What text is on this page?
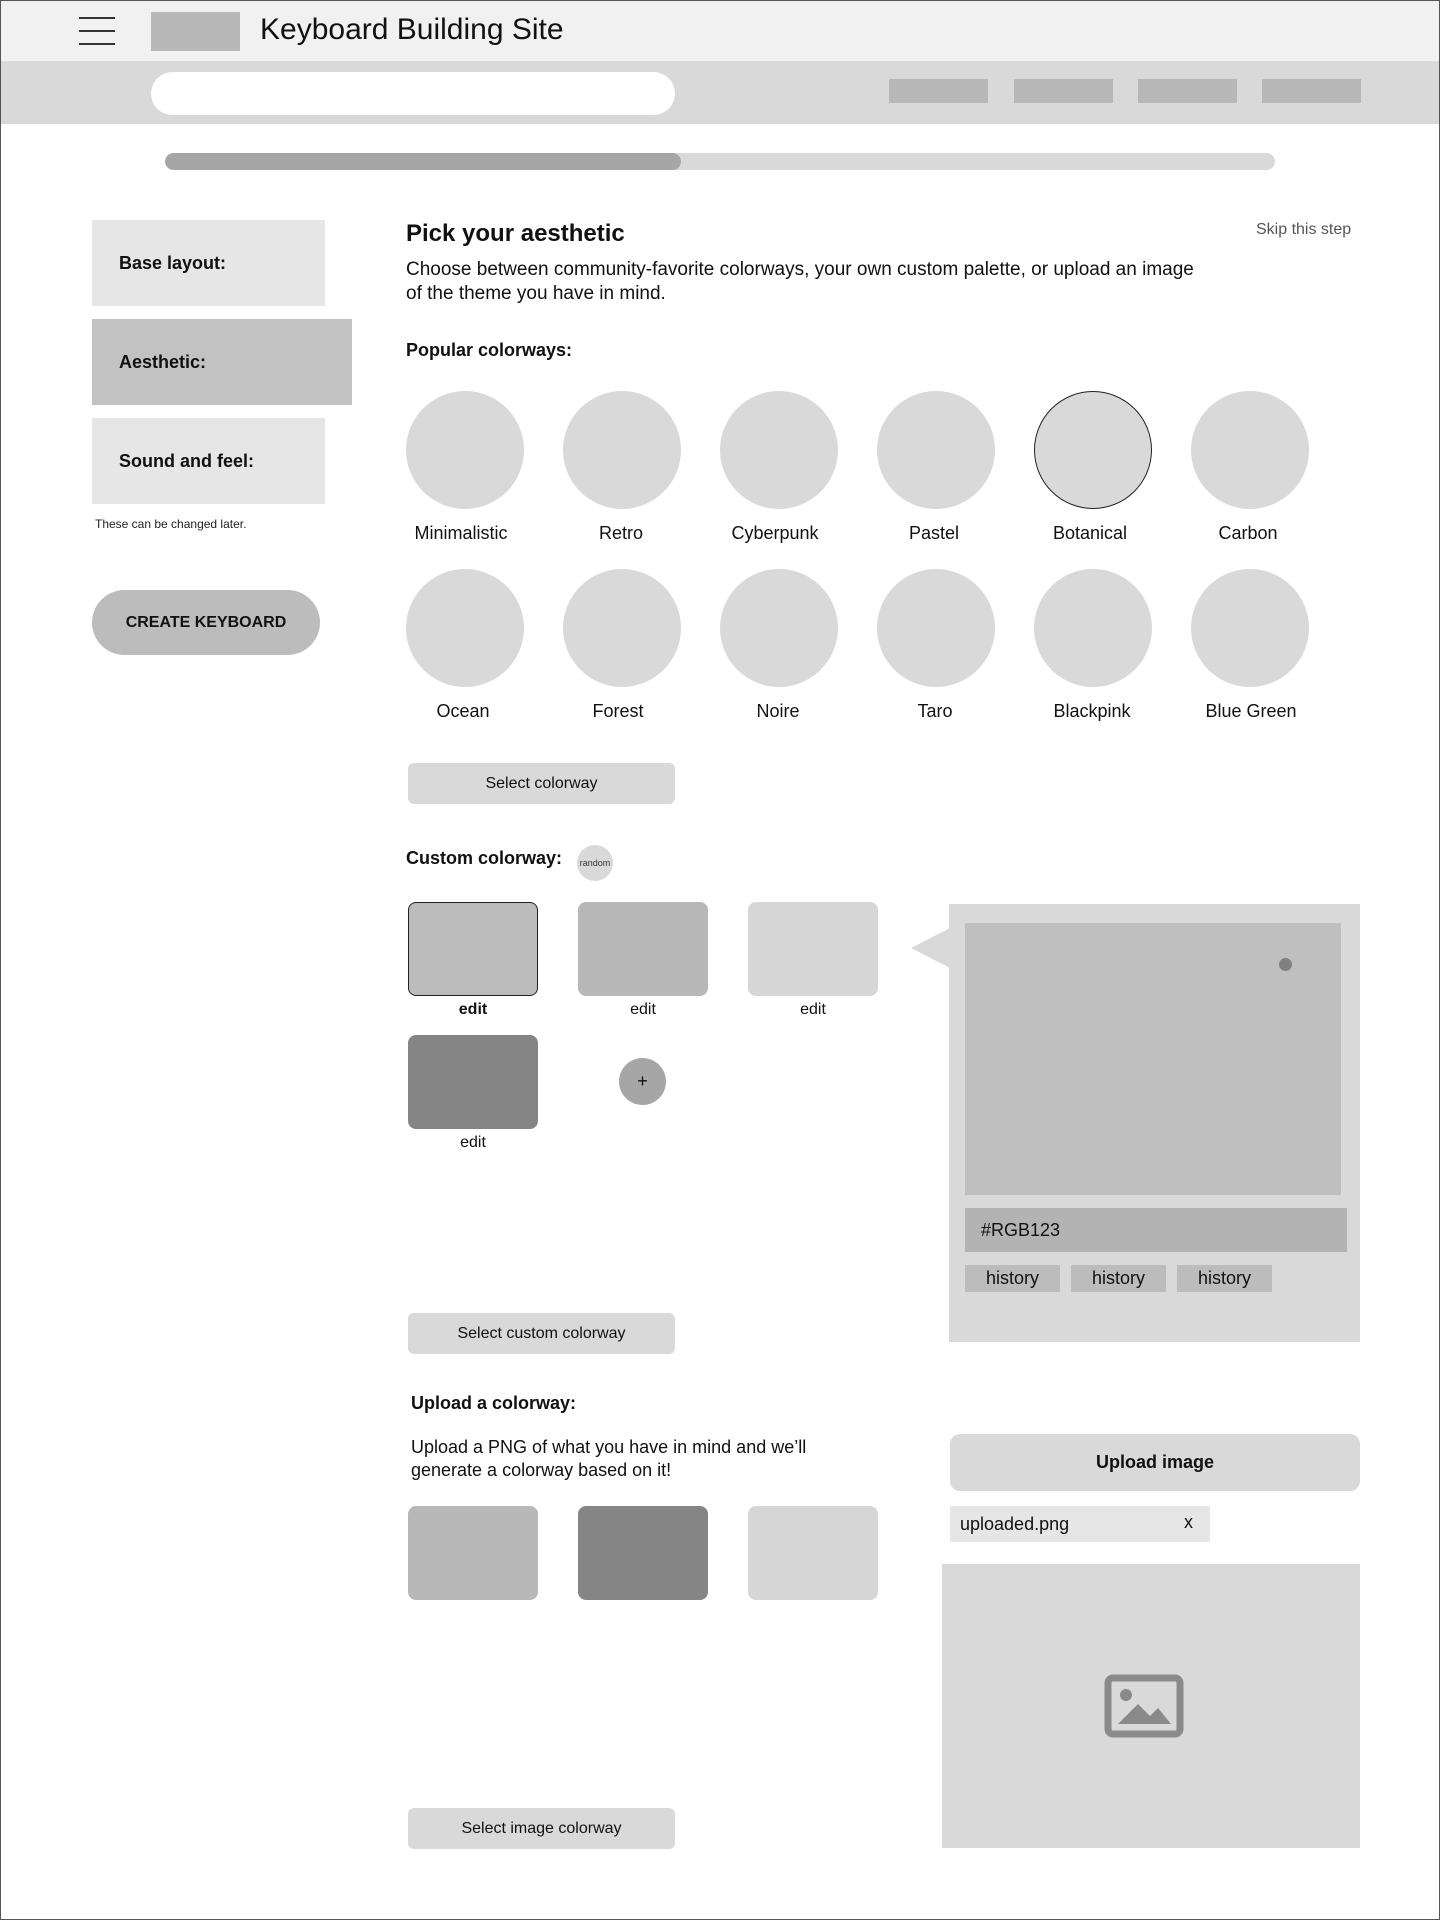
Keyboard Building Site
Base layout:
Aesthetic:
Sound and feel:
These can be changed later.
CREATE KEYBOARD
Pick your aesthetic	Skip this step
Choose between community-favorite colorways, your own custom palette, or upload an image of the theme you have in mind.
Popular colorways:
Minimalistic	Retro	Cyberpunk	Pastel	Botanical	Carbon
Ocean	Forest	Noire	Taro	Blackpink	Blue Green
Select colorway
Custom colorway:	random
edit	edit	edit
edit
+
Select custom colorway
#RGB123
history	history	history
Upload a colorway:
Upload a PNG of what you have in mind and we’ll generate a colorway based on it!	Upload image
uploaded.png	x
Select image colorway
